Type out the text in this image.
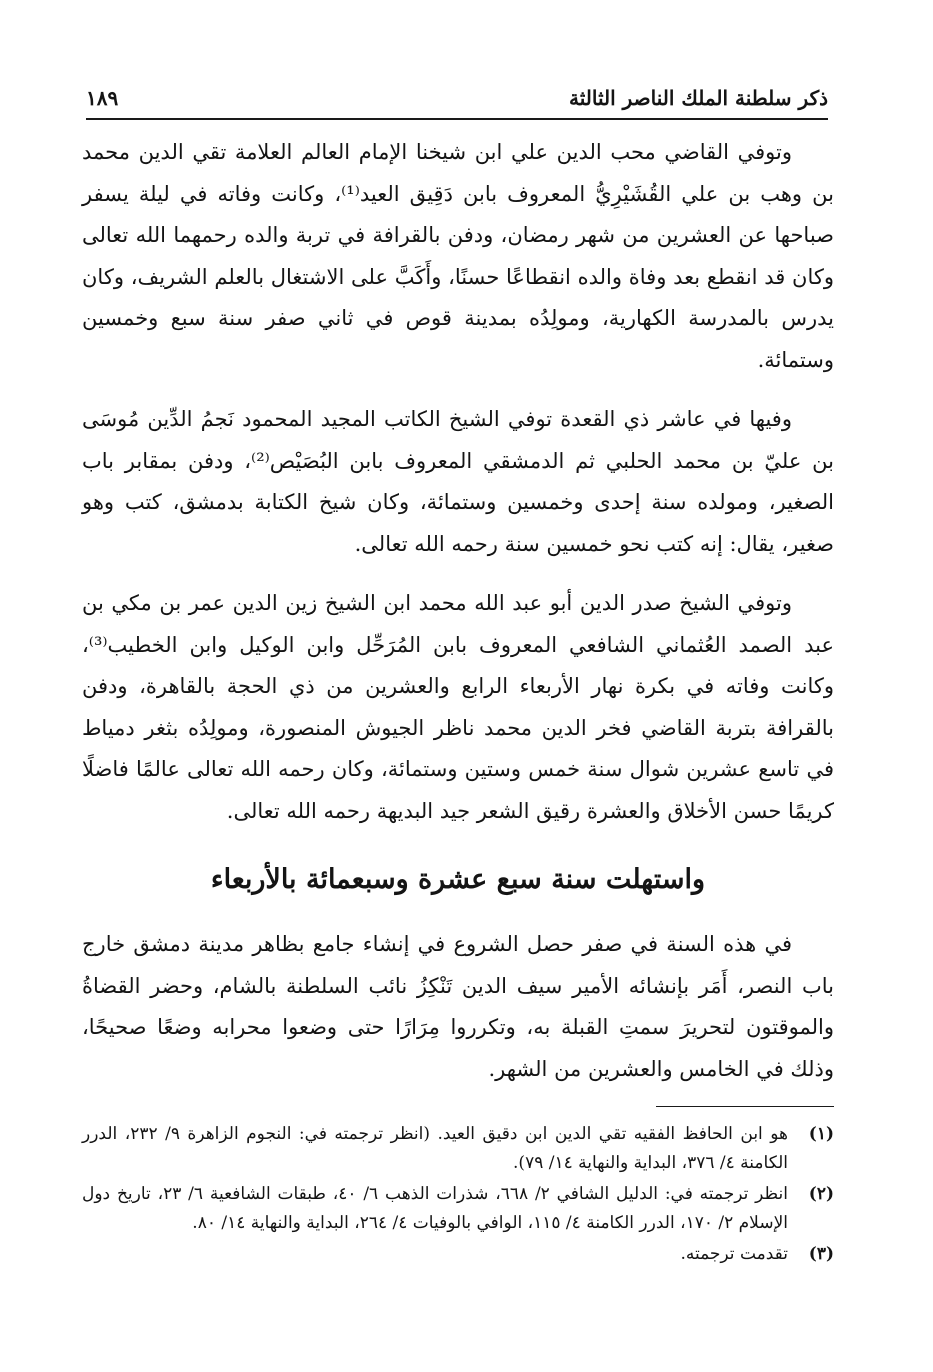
ذكر سلطنة الملك الناصر الثالثة
١٨٩

وتوفي القاضي محب الدين علي ابن شيخنا الإمام العالم العلامة تقي الدين محمد بن وهب بن علي القُشَيْرِيُّ المعروف بابن دَقِيق العيد⁽¹⁾، وكانت وفاته في ليلة يسفر صباحها عن العشرين من شهر رمضان، ودفن بالقرافة في تربة والده رحمهما الله تعالى وكان قد انقطع بعد وفاة والده انقطاعًا حسنًا، وأَكَبَّ على الاشتغال بالعلم الشريف، وكان يدرس بالمدرسة الكهارية، ومولِدُه بمدينة قوص في ثاني صفر سنة سبع وخمسين وستمائة.

وفيها في عاشر ذي القعدة توفي الشيخ الكاتب المجيد المحمود نَجمُ الدِّين مُوسَى بن عليّ بن محمد الحلبي ثم الدمشقي المعروف بابن البُصَيْص⁽²⁾، ودفن بمقابر باب الصغير، ومولده سنة إحدى وخمسين وستمائة، وكان شيخ الكتابة بدمشق، كتب وهو صغير، يقال: إنه كتب نحو خمسين سنة رحمه الله تعالى.

وتوفي الشيخ صدر الدين أبو عبد الله محمد ابن الشيخ زين الدين عمر بن مكي بن عبد الصمد العُثماني الشافعي المعروف بابن المُرَحِّل وابن الوكيل وابن الخطيب⁽³⁾، وكانت وفاته في بكرة نهار الأربعاء الرابع والعشرين من ذي الحجة بالقاهرة، ودفن بالقرافة بتربة القاضي فخر الدين محمد ناظر الجيوش المنصورة، ومولِدُه بثغر دمياط في تاسع عشرين شوال سنة خمس وستين وستمائة، وكان رحمه الله تعالى عالمًا فاضلًا كريمًا حسن الأخلاق والعشرة رقيق الشعر جيد البديهة رحمه الله تعالى.

واستهلت سنة سبع عشرة وسبعمائة بالأربعاء

في هذه السنة في صفر حصل الشروع في إنشاء جامع بظاهر مدينة دمشق خارج باب النصر، أَمَر بإنشائه الأمير سيف الدين تَنْكِزُ نائب السلطنة بالشام، وحضر القضاةُ والموقتون لتحريرَ سمتِ القبلة به، وتكرروا مِرَارًا حتى وضعوا محرابه وضعًا صحيحًا، وذلك في الخامس والعشرين من الشهر.

(١)
هو ابن الحافظ الفقيه تقي الدين ابن دقيق العيد. (انظر ترجمته في: النجوم الزاهرة ٩/ ٢٣٢، الدرر الكامنة ٤/ ٣٧٦، البداية والنهاية ١٤/ ٧٩).
(٢)
انظر ترجمته في: الدليل الشافي ٢/ ٦٦٨، شذرات الذهب ٦/ ٤٠، طبقات الشافعية ٦/ ٢٣، تاريخ دول الإسلام ٢/ ١٧٠، الدرر الكامنة ٤/ ١١٥، الوافي بالوفيات ٤/ ٢٦٤، البداية والنهاية ١٤/ ٨٠.
(٣)
تقدمت ترجمته.
